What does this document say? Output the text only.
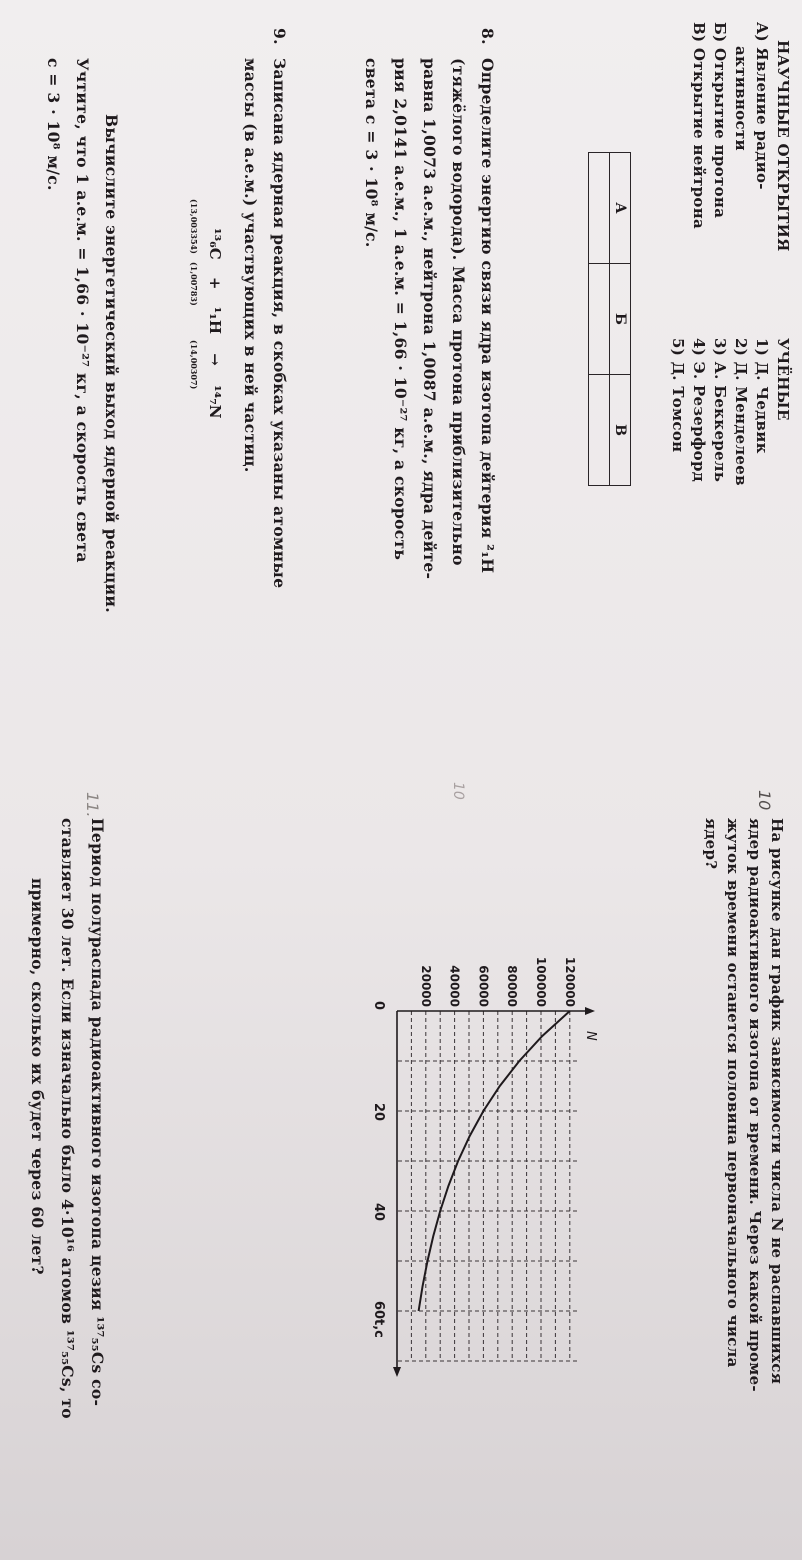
НАУЧНЫЕ ОТКРЫТИЯ
УЧЁНЫЕ
А) Явление радио-
активности
Б) Открытие протона
В) Открытие нейтрона
1) Д. Чедвик
2) Д. Менделеев
3) А. Беккерель
4) Э. Резерфорд
5) Д. Томсон
А	Б	В

8.
Определите энергию связи ядра изотопа дейтерия ²₁H
(тяжёлого водорода). Масса протона приблизительно
равна 1,0073 а.е.м., нейтрона 1,0087 а.е.м., ядра дейте-
рия 2,0141 а.е.м., 1 а.е.м. = 1,66 · 10⁻²⁷ кг, а скорость
света c = 3 · 10⁸ м/с.
9.
Записана ядерная реакция, в скобках указаны атомные
массы (в а.е.м.) участвующих в ней частиц.
¹³₆C + ¹₁H → ¹⁴₇N
(13,003354)
(1,00783)
(14,00307)
Вычислите энергетический выход ядерной реакции.
Учтите, что 1 а.е.м. = 1,66 · 10⁻²⁷ кг, а скорость света
c = 3 · 10⁸ м/с.
10
На рисунке дан график зависимости числа N не распавшихся
ядер радиоактивного изотопа от времени. Через какой проме-
жуток времени останется половина первоначального числа
ядер?
N
t,c
0
20
40
60
20000 40000 60000 80000 100000 120000
10
11.
Период полураспада радиоактивного изотопа цезия ¹³⁷₅₅Cs со-
ставляет 30 лет. Если изначально было 4·10¹⁶ атомов ¹³⁷₅₅Cs, то
примерно, сколько их будет через 60 лет?
